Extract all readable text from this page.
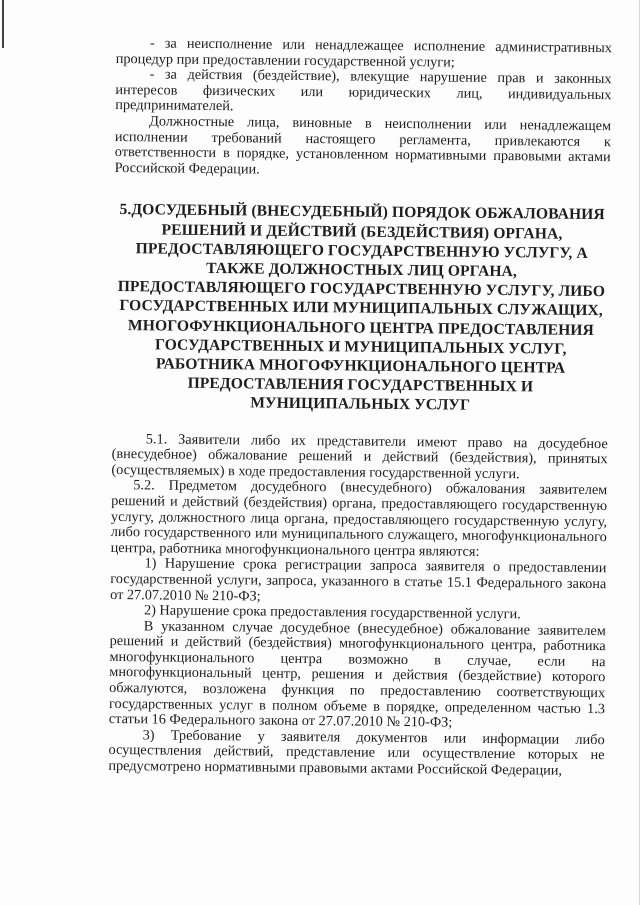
- за неисполнение или ненадлежащее исполнение административных процедур при предоставлении государственной услуги;

- за действия (бездействие), влекущие нарушение прав и законных интересов физических или юридических лиц, индивидуальных предпринимателей.

Должностные лица, виновные в неисполнении или ненадлежащем исполнении требований настоящего регламента, привлекаются к ответственности в порядке, установленном нормативными правовыми актами Российской Федерации.

5.ДОСУДЕБНЫЙ (ВНЕСУДЕБНЫЙ) ПОРЯДОК ОБЖАЛОВАНИЯ РЕШЕНИЙ И ДЕЙСТВИЙ (БЕЗДЕЙСТВИЯ) ОРГАНА, ПРЕДОСТАВЛЯЮЩЕГО ГОСУДАРСТВЕННУЮ УСЛУГУ, А ТАКЖЕ ДОЛЖНОСТНЫХ ЛИЦ ОРГАНА, ПРЕДОСТАВЛЯЮЩЕГО ГОСУДАРСТВЕННУЮ УСЛУГУ, ЛИБО ГОСУДАРСТВЕННЫХ ИЛИ МУНИЦИПАЛЬНЫХ СЛУЖАЩИХ, МНОГОФУНКЦИОНАЛЬНОГО ЦЕНТРА ПРЕДОСТАВЛЕНИЯ ГОСУДАРСТВЕННЫХ И МУНИЦИПАЛЬНЫХ УСЛУГ, РАБОТНИКА МНОГОФУНКЦИОНАЛЬНОГО ЦЕНТРА ПРЕДОСТАВЛЕНИЯ ГОСУДАРСТВЕННЫХ И МУНИЦИПАЛЬНЫХ УСЛУГ

5.1. Заявители либо их представители имеют право на досудебное (внесудебное) обжалование решений и действий (бездействия), принятых (осуществляемых) в ходе предоставления государственной услуги.

5.2. Предметом досудебного (внесудебного) обжалования заявителем решений и действий (бездействия) органа, предоставляющего государственную услугу, должностного лица органа, предоставляющего государственную услугу, либо государственного или муниципального служащего, многофункционального центра, работника многофункционального центра являются:

1) Нарушение срока регистрации запроса заявителя о предоставлении государственной услуги, запроса, указанного в статье 15.1 Федерального закона от 27.07.2010 № 210-ФЗ;

2) Нарушение срока предоставления государственной услуги.

В указанном случае досудебное (внесудебное) обжалование заявителем решений и действий (бездействия) многофункционального центра, работника многофункционального центра возможно в случае, если на многофункциональный центр, решения и действия (бездействие) которого обжалуются, возложена функция по предоставлению соответствующих государственных услуг в полном объеме в порядке, определенном частью 1.3 статьи 16 Федерального закона от 27.07.2010 № 210-ФЗ;

3) Требование у заявителя документов или информации либо осуществления действий, представление или осуществление которых не предусмотрено нормативными правовыми актами Российской Федерации,
